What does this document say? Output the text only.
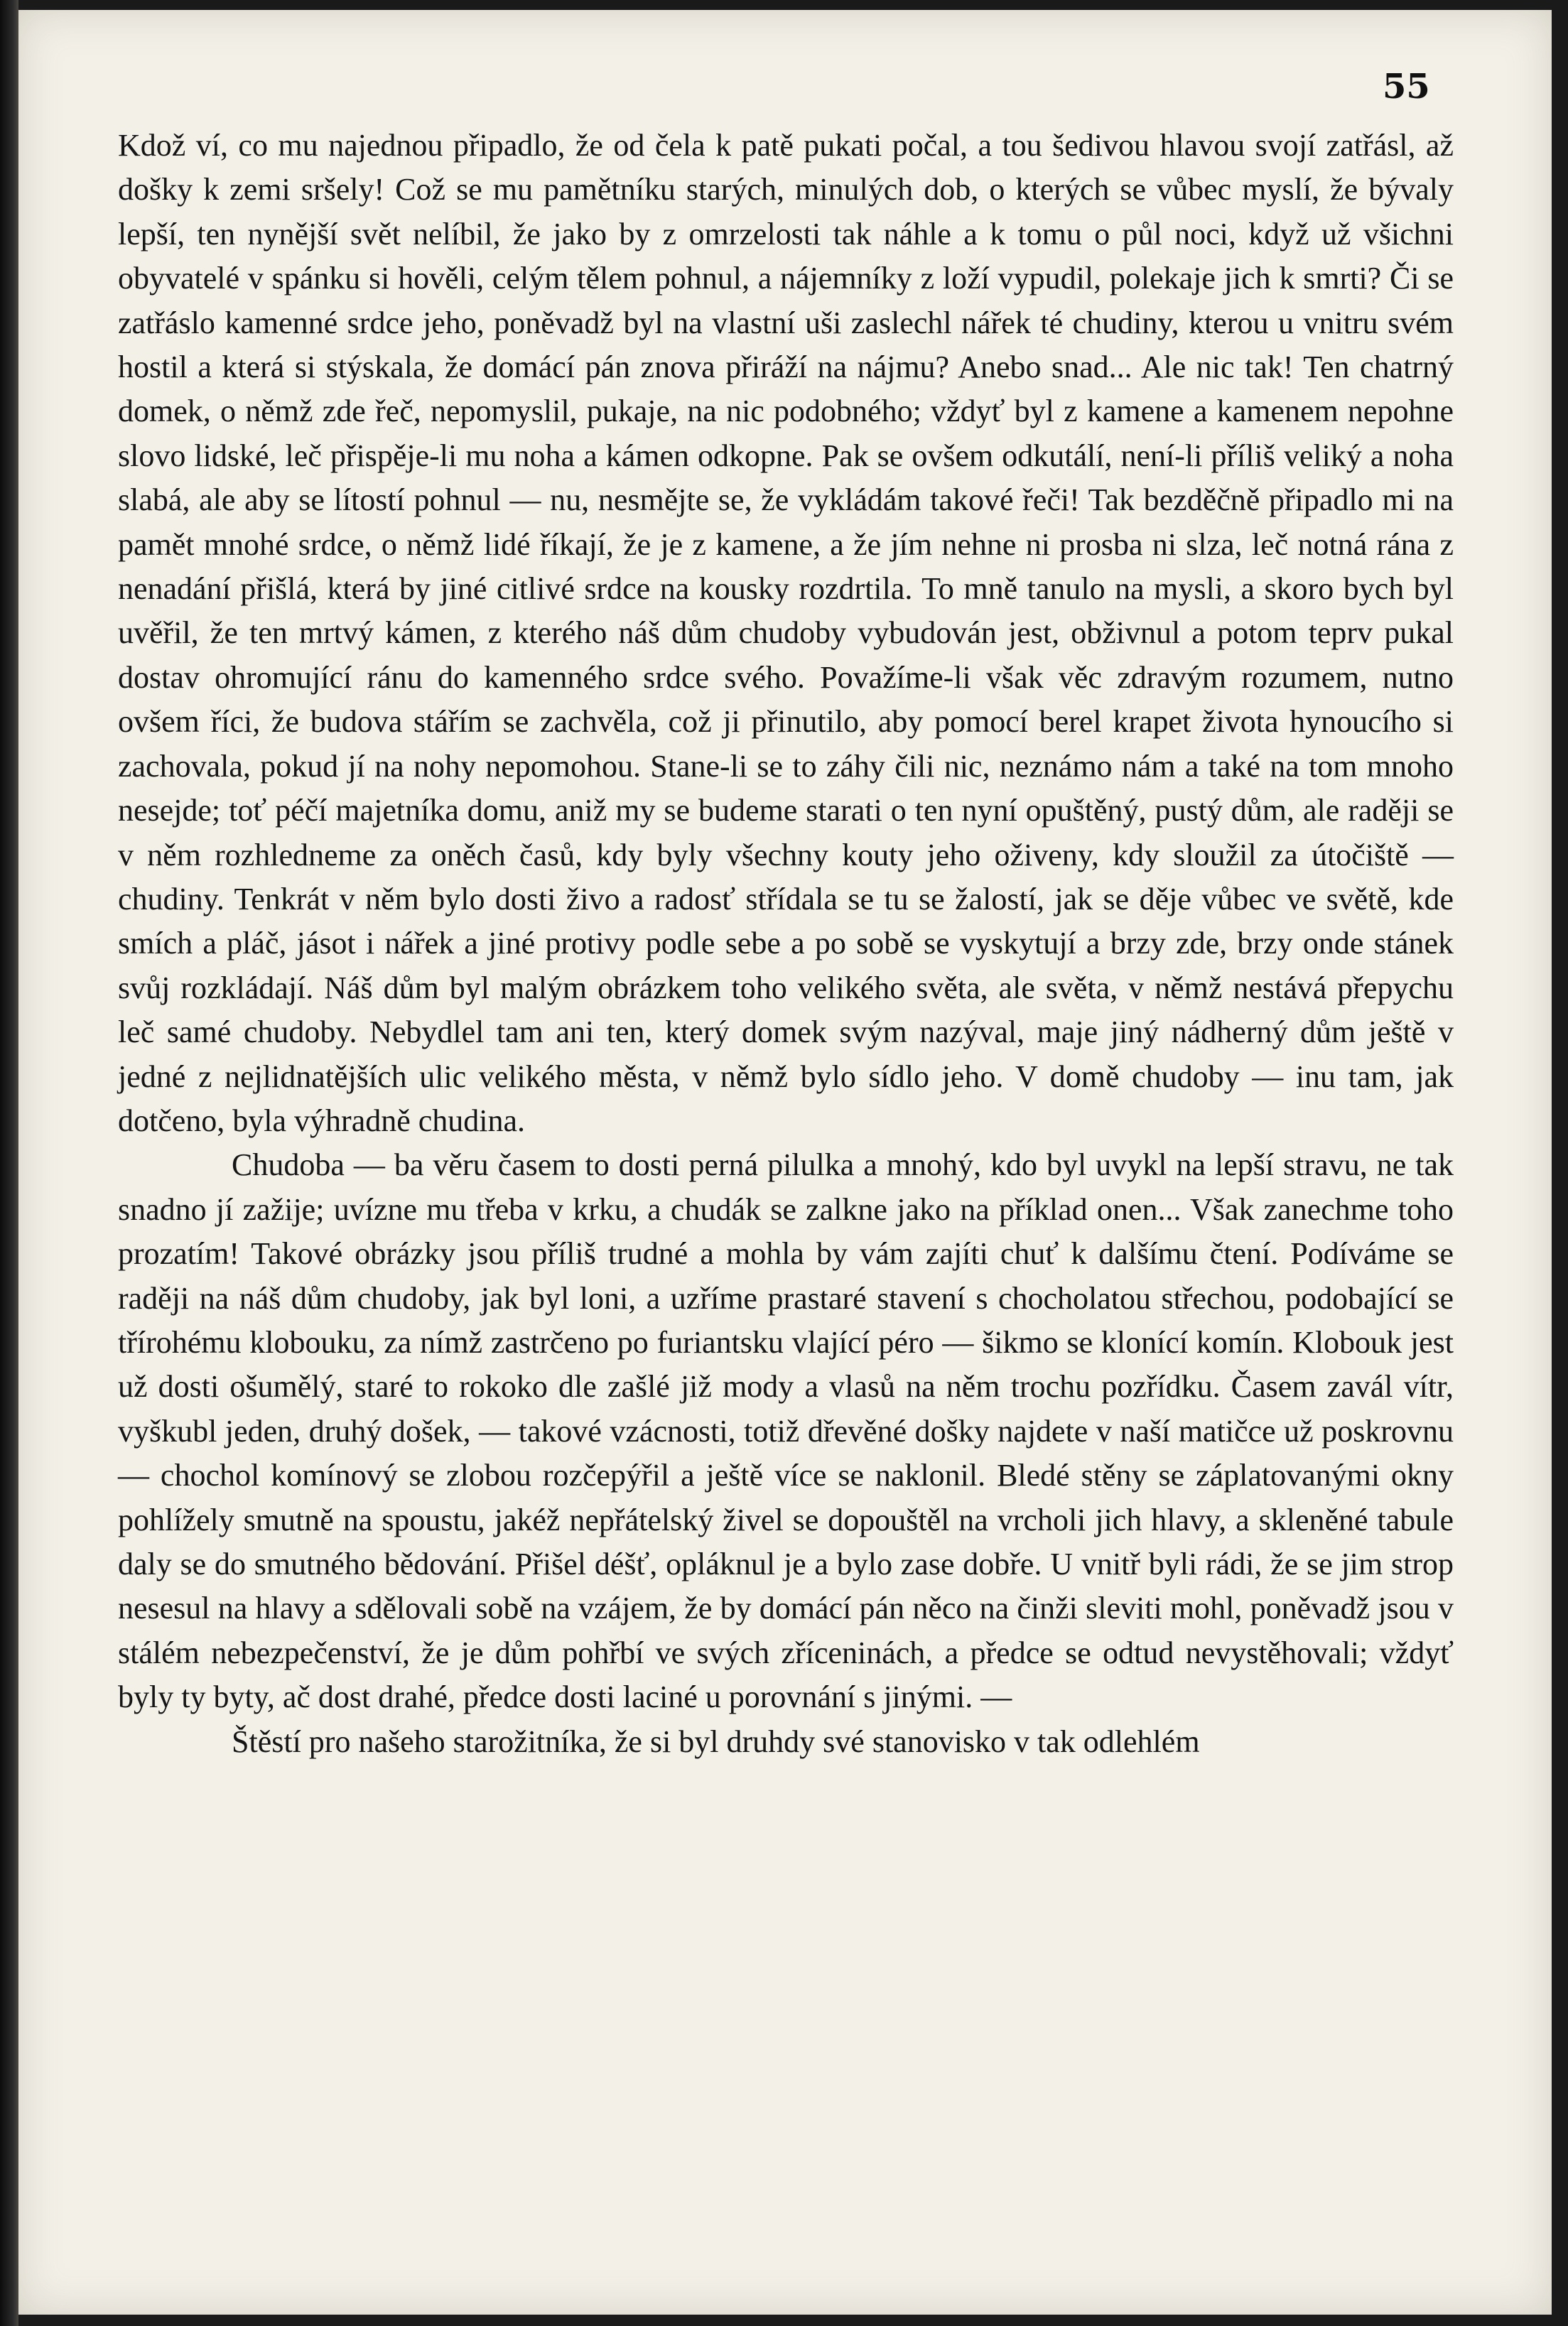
55

Kdož ví, co mu najednou připadlo, že od čela k patě pukati počal, a tou šedivou hlavou svojí zatřásl, až došky k zemi sršely! Což se mu pamětníku starých, minulých dob, o kterých se vůbec myslí, že bývaly lepší, ten nynější svět nelíbil, že jako by z omrzelosti tak náhle a k tomu o půl noci, když už všichni obyvatelé v spánku si hověli, celým tělem pohnul, a nájemníky z loží vypudil, polekaje jich k smrti? Či se zatřáslo kamenné srdce jeho, poněvadž byl na vlastní uši zaslechl nářek té chudiny, kterou u vnitru svém hostil a která si stýskala, že domácí pán znova přiráží na nájmu? Anebo snad... Ale nic tak! Ten chatrný domek, o němž zde řeč, nepomyslil, pukaje, na nic podobného; vždyť byl z kamene a kamenem nepohne slovo lidské, leč přispěje-li mu noha a kámen odkopne. Pak se ovšem odkutálí, není-li příliš veliký a noha slabá, ale aby se lítostí pohnul — nu, nesmějte se, že vykládám takové řeči! Tak bezděčně připadlo mi na pamět mnohé srdce, o němž lidé říkají, že je z kamene, a že jím nehne ni prosba ni slza, leč notná rána z nenadání přišlá, která by jiné citlivé srdce na kousky rozdrtila. To mně tanulo na mysli, a skoro bych byl uvěřil, že ten mrtvý kámen, z kterého náš dům chudoby vybudován jest, obživnul a potom teprv pukal dostav ohromující ránu do kamenného srdce svého. Považíme-li však věc zdravým rozumem, nutno ovšem říci, že budova stářím se zachvěla, což ji přinutilo, aby pomocí berel krapet života hynoucího si zachovala, pokud jí na nohy nepomohou. Stane-li se to záhy čili nic, neznámo nám a také na tom mnoho nesejde; toť péčí majetníka domu, aniž my se budeme starati o ten nyní opuštěný, pustý dům, ale raději se v něm rozhledneme za oněch časů, kdy byly všechny kouty jeho oživeny, kdy sloužil za útočiště — chudiny. Tenkrát v něm bylo dosti živo a radosť střídala se tu se žalostí, jak se děje vůbec ve světě, kde smích a pláč, jásot i nářek a jiné protivy podle sebe a po sobě se vyskytují a brzy zde, brzy onde stánek svůj rozkládají. Náš dům byl malým obrázkem toho velikého světa, ale světa, v němž nestává přepychu leč samé chudoby. Nebydlel tam ani ten, který domek svým nazýval, maje jiný nádherný dům ještě v jedné z nejlidnatějších ulic velikého města, v němž bylo sídlo jeho. V domě chudoby — inu tam, jak dotčeno, byla výhradně chudina.

Chudoba — ba věru časem to dosti perná pilulka a mnohý, kdo byl uvykl na lepší stravu, ne tak snadno jí zažije; uvízne mu třeba v krku, a chudák se zalkne jako na příklad onen... Však zanechme toho prozatím! Takové obrázky jsou příliš trudné a mohla by vám zajíti chuť k dalšímu čtení. Podíváme se raději na náš dům chudoby, jak byl loni, a uzříme prastaré stavení s chocholatou střechou, podobající se třírohému klobouku, za nímž zastrčeno po furiantsku vlající péro — šikmo se klonící komín. Klobouk jest už dosti ošumělý, staré to rokoko dle zašlé již mody a vlasů na něm trochu pozřídku. Časem zavál vítr, vyškubl jeden, druhý došek, — takové vzácnosti, totiž dřevěné došky najdete v naší matičce už poskrovnu — chochol komínový se zlobou rozčepýřil a ještě více se naklonil. Bledé stěny se záplatovanými okny pohlížely smutně na spoustu, jakéž nepřátelský živel se dopouštěl na vrcholi jich hlavy, a skleněné tabule daly se do smutného bědování. Přišel déšť, opláknul je a bylo zase dobře. U vnitř byli rádi, že se jim strop nesesul na hlavy a sdělovali sobě na vzájem, že by domácí pán něco na činži sleviti mohl, poněvadž jsou v stálém nebezpečenství, že je dům pohřbí ve svých zříceninách, a předce se odtud nevystěhovali; vždyť byly ty byty, ač dost drahé, předce dosti laciné u porovnání s jinými. —

Štěstí pro našeho starožitníka, že si byl druhdy své stanovisko v tak odlehlém
